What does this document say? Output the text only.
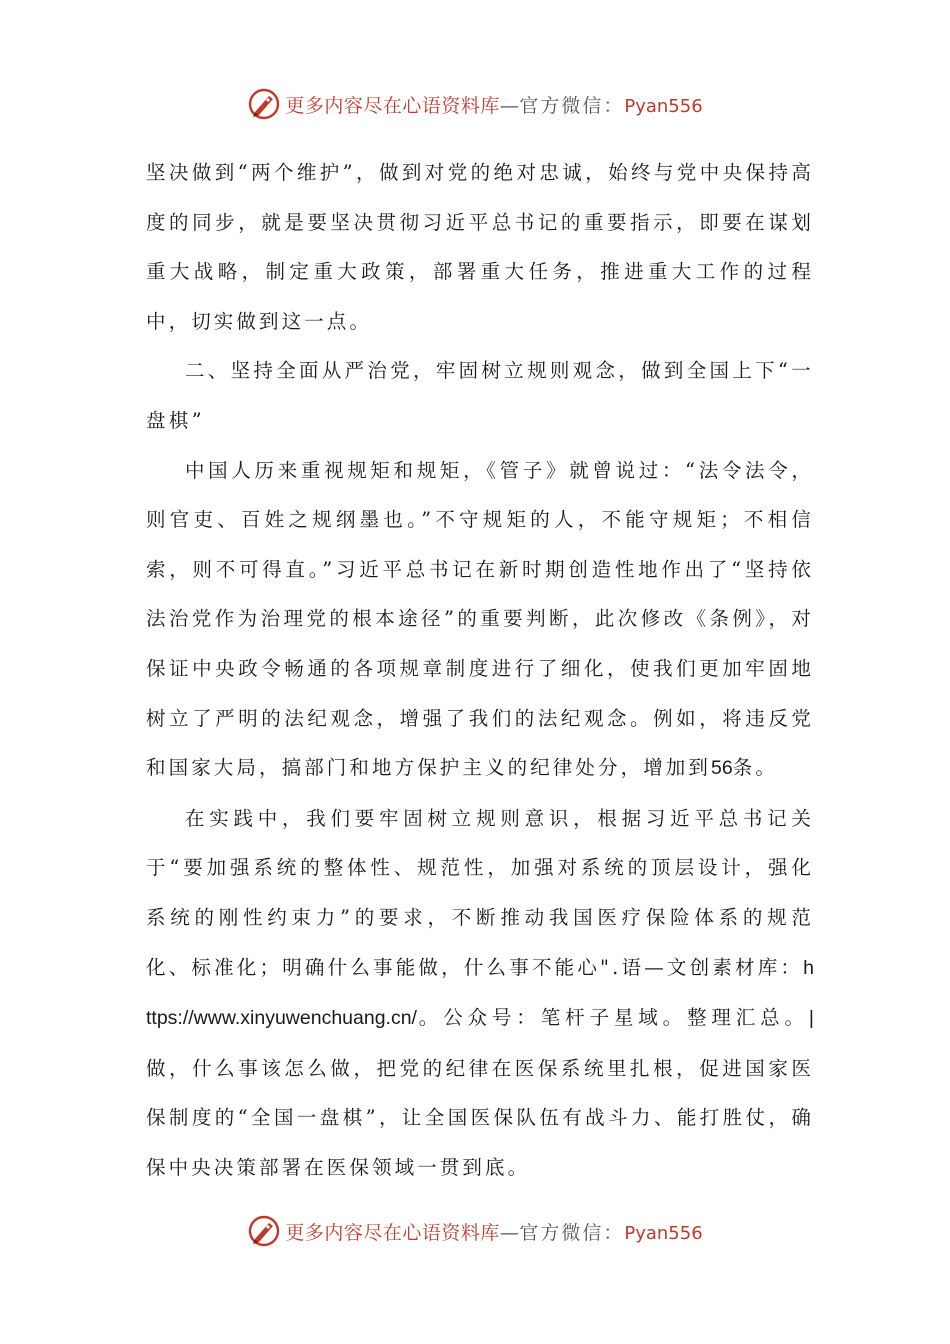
更多内容尽在心语资料库—官方微信：Pyan556

坚决做到“两个维护”，做到对党的绝对忠诚，始终与党中央保持高度的同步，就是要坚决贯彻习近平总书记的重要指示，即要在谋划重大战略，制定重大政策，部署重大任务，推进重大工作的过程中，切实做到这一点。

二、坚持全面从严治党，牢固树立规则观念，做到全国上下“一盘棋”

中国人历来重视规矩和规矩，《管子》就曾说过：“法令法令，则官吏、百姓之规纲墨也。”不守规矩的人，不能守规矩；不相信索，则不可得直。”习近平总书记在新时期创造性地作出了“坚持依法治党作为治理党的根本途径”的重要判断，此次修改《条例》，对保证中央政令畅通的各项规章制度进行了细化，使我们更加牢固地树立了严明的法纪观念，增强了我们的法纪观念。例如，将违反党和国家大局，搞部门和地方保护主义的纪律处分，增加到56条。

在实践中，我们要牢固树立规则意识，根据习近平总书记关于“要加强系统的整体性、规范性，加强对系统的顶层设计，强化系统的刚性约束力”的要求，不断推动我国医疗保险体系的规范化、标准化；明确什么事能做，什么事不能心".语—文创素材库：https://www.xinyuwenchuang.cn/。公众号：笔杆子星域。整理汇总。|做，什么事该怎么做，把党的纪律在医保系统里扎根，促进国家医保制度的“全国一盘棋”，让全国医保队伍有战斗力、能打胜仗，确保中央决策部署在医保领域一贯到底。

更多内容尽在心语资料库—官方微信：Pyan556
